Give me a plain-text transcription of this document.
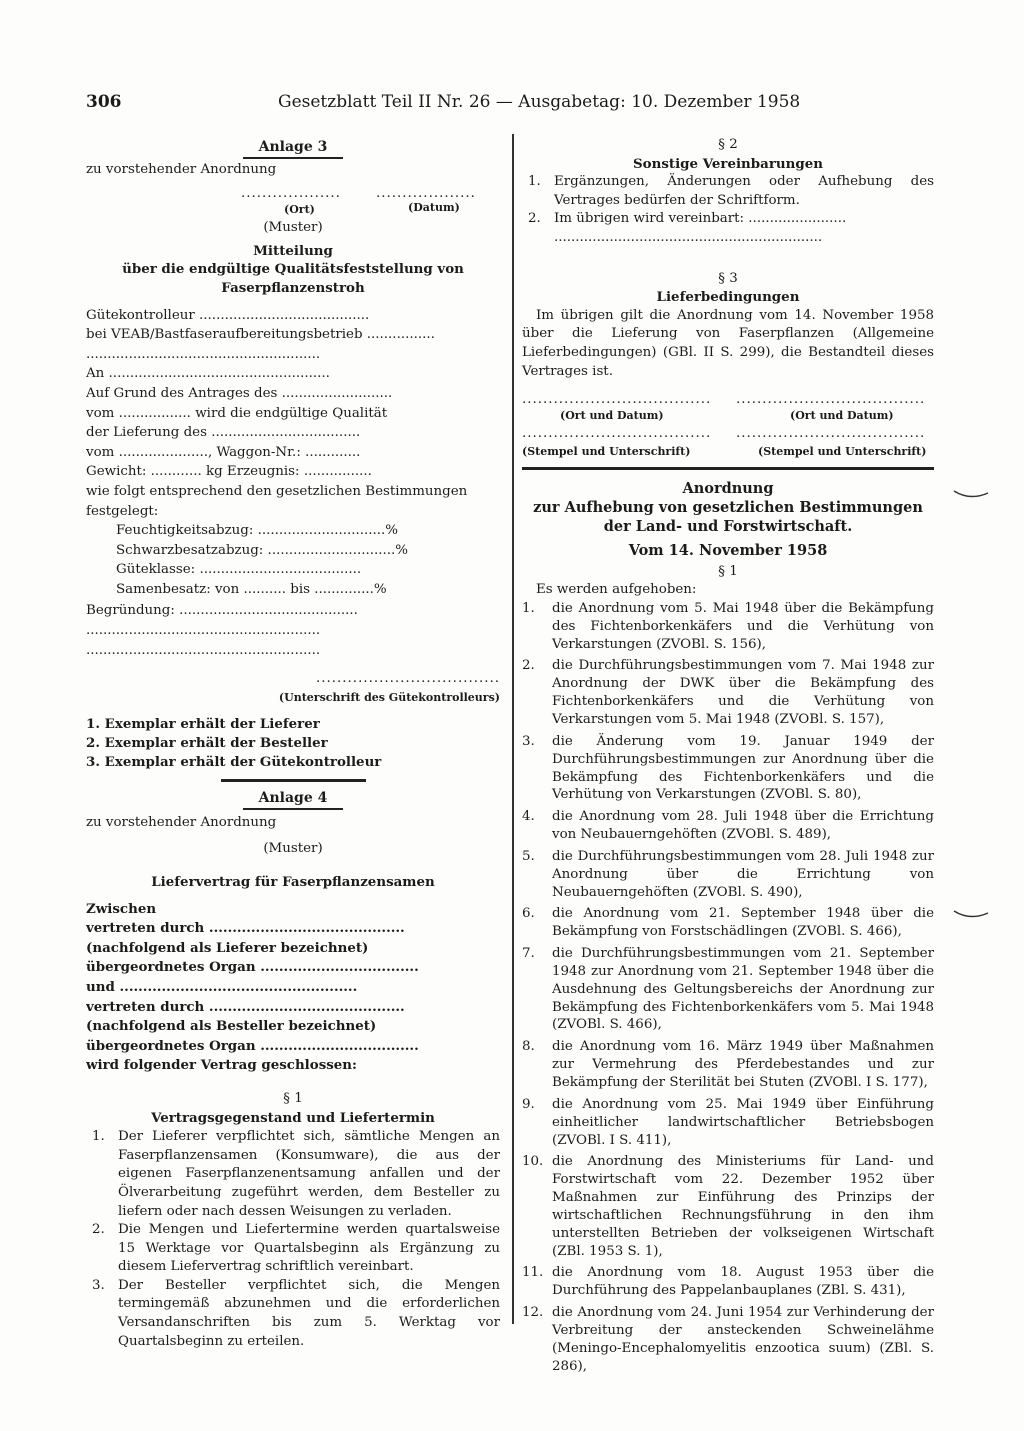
306	Gesetzblatt Teil II Nr. 26 — Ausgabetag: 10. Dezember 1958
Anlage 3
zu vorstehender Anordnung
...................	...................
(Ort)	(Datum)
(Muster)
Mitteilung
über die endgültige Qualitätsfeststellung von
Faserpflanzenstroh
Gütekontrolleur ........................................
bei VEAB/Bastfaseraufbereitungsbetrieb ................
.......................................................
An ....................................................
Auf Grund des Antrages des ..........................
vom ................. wird die endgültige Qualität
der Lieferung des ...................................
vom ....................., Waggon-Nr.: .............
Gewicht: ............ kg Erzeugnis: ................
wie folgt entsprechend den gesetzlichen Bestimmungen
festgelegt:
Feuchtigkeitsabzug: ..............................%
Schwarzbesatzabzug: ..............................%
Güteklasse: ......................................
Samenbesatz: von .......... bis ..............%
Begründung: ..........................................
.......................................................
.......................................................
...................................
(Unterschrift des Gütekontrolleurs)
1. Exemplar erhält der Lieferer
2. Exemplar erhält der Besteller
3. Exemplar erhält der Gütekontrolleur
Anlage 4
zu vorstehender Anordnung
(Muster)
Liefervertrag für Faserpflanzensamen
Zwischen
vertreten durch ..........................................
(nachfolgend als Lieferer bezeichnet)
übergeordnetes Organ ..................................
und ...................................................
vertreten durch ..........................................
(nachfolgend als Besteller bezeichnet)
übergeordnetes Organ ..................................
wird folgender Vertrag geschlossen:
§ 1
Vertragsgegenstand und Liefertermin
1. Der Lieferer verpflichtet sich, sämtliche Mengen an Faserpflanzensamen (Konsumware), die aus der eigenen Faserpflanzenentsamung anfallen und der Ölverarbeitung zugeführt werden, dem Besteller zu liefern oder nach dessen Weisungen zu verladen.
2. Die Mengen und Liefertermine werden quartalsweise 15 Werktage vor Quartalsbeginn als Ergänzung zu diesem Liefervertrag schriftlich vereinbart.
3. Der Besteller verpflichtet sich, die Mengen termingemäß abzunehmen und die erforderlichen Versandanschriften bis zum 5. Werktag vor Quartalsbeginn zu erteilen.
§ 2
Sonstige Vereinbarungen
1. Ergänzungen, Änderungen oder Aufhebung des Vertrages bedürfen der Schriftform.
2. Im übrigen wird vereinbart: .......................
...............................................................
§ 3
Lieferbedingungen
Im übrigen gilt die Anordnung vom 14. November 1958 über die Lieferung von Faserpflanzen (Allgemeine Lieferbedingungen) (GBl. II S. 299), die Bestandteil dieses Vertrages ist.
.................................... ....................................
(Ort und Datum)	(Ort und Datum)
.................................... ....................................
(Stempel und Unterschrift)	(Stempel und Unterschrift)
Anordnung
zur Aufhebung von gesetzlichen Bestimmungen
der Land- und Forstwirtschaft.
Vom 14. November 1958
§ 1
Es werden aufgehoben:
1.	die Anordnung vom 5. Mai 1948 über die Bekämpfung des Fichtenborkenkäfers und die Verhütung von Verkarstungen (ZVOBl. S. 156),
2.	die Durchführungsbestimmungen vom 7. Mai 1948 zur Anordnung der DWK über die Bekämpfung des Fichtenborkenkäfers und die Verhütung von Verkarstungen vom 5. Mai 1948 (ZVOBl. S. 157),
3.	die Änderung vom 19. Januar 1949 der Durchführungsbestimmungen zur Anordnung über die Bekämpfung des Fichtenborkenkäfers und die Verhütung von Verkarstungen (ZVOBl. S. 80),
4.	die Anordnung vom 28. Juli 1948 über die Errichtung von Neubauerngehöften (ZVOBl. S. 489),
5.	die Durchführungsbestimmungen vom 28. Juli 1948 zur Anordnung über die Errichtung von Neubauerngehöften (ZVOBl. S. 490),
6.	die Anordnung vom 21. September 1948 über die Bekämpfung von Forstschädlingen (ZVOBl. S. 466),
7.	die Durchführungsbestimmungen vom 21. September 1948 zur Anordnung vom 21. September 1948 über die Ausdehnung des Geltungsbereichs der Anordnung zur Bekämpfung des Fichtenborkenkäfers vom 5. Mai 1948 (ZVOBl. S. 466),
8.	die Anordnung vom 16. März 1949 über Maßnahmen zur Vermehrung des Pferdebestandes und zur Bekämpfung der Sterilität bei Stuten (ZVOBl. I S. 177),
9.	die Anordnung vom 25. Mai 1949 über Einführung einheitlicher landwirtschaftlicher Betriebsbogen (ZVOBl. I S. 411),
10. die Anordnung des Ministeriums für Land- und Forstwirtschaft vom 22. Dezember 1952 über Maßnahmen zur Einführung des Prinzips der wirtschaftlichen Rechnungsführung in den ihm unterstellten Betrieben der volkseigenen Wirtschaft (ZBl. 1953 S. 1),
11. die Anordnung vom 18. August 1953 über die Durchführung des Pappelanbauplanes (ZBl. S. 431),
12. die Anordnung vom 24. Juni 1954 zur Verhinderung der Verbreitung der ansteckenden Schweinelähme (Meningo-Encephalomyelitis enzootica suum) (ZBl. S. 286),
